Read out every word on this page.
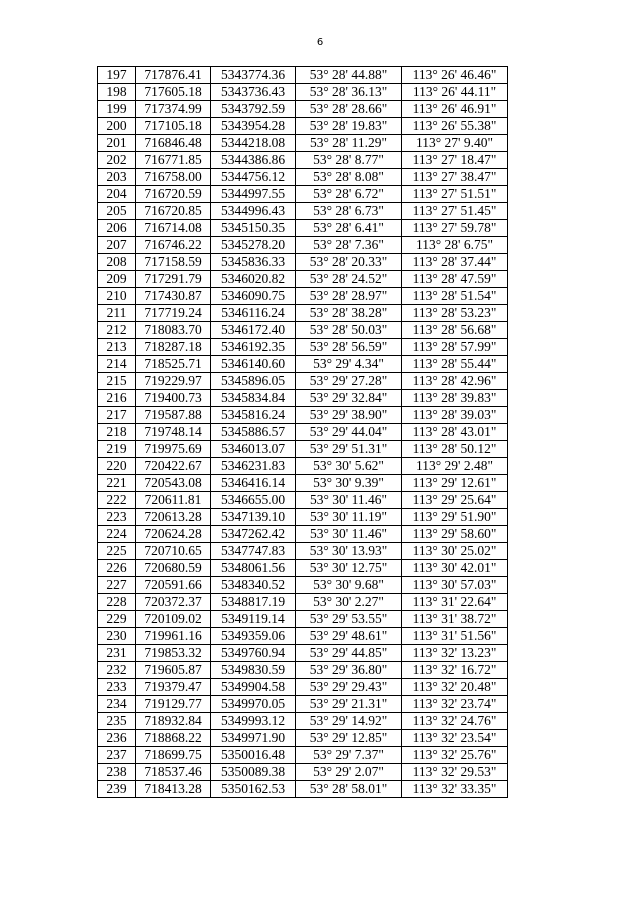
6
197	717876.41	5343774.36	53° 28' 44.88"	113° 26' 46.46"
198	717605.18	5343736.43	53° 28' 36.13"	113° 26' 44.11"
199	717374.99	5343792.59	53° 28' 28.66"	113° 26' 46.91"
200	717105.18	5343954.28	53° 28' 19.83"	113° 26' 55.38"
201	716846.48	5344218.08	53° 28' 11.29"	113° 27' 9.40"
202	716771.85	5344386.86	53° 28' 8.77"	113° 27' 18.47"
203	716758.00	5344756.12	53° 28' 8.08"	113° 27' 38.47"
204	716720.59	5344997.55	53° 28' 6.72"	113° 27' 51.51"
205	716720.85	5344996.43	53° 28' 6.73"	113° 27' 51.45"
206	716714.08	5345150.35	53° 28' 6.41"	113° 27' 59.78"
207	716746.22	5345278.20	53° 28' 7.36"	113° 28' 6.75"
208	717158.59	5345836.33	53° 28' 20.33"	113° 28' 37.44"
209	717291.79	5346020.82	53° 28' 24.52"	113° 28' 47.59"
210	717430.87	5346090.75	53° 28' 28.97"	113° 28' 51.54"
211	717719.24	5346116.24	53° 28' 38.28"	113° 28' 53.23"
212	718083.70	5346172.40	53° 28' 50.03"	113° 28' 56.68"
213	718287.18	5346192.35	53° 28' 56.59"	113° 28' 57.99"
214	718525.71	5346140.60	53° 29' 4.34"	113° 28' 55.44"
215	719229.97	5345896.05	53° 29' 27.28"	113° 28' 42.96"
216	719400.73	5345834.84	53° 29' 32.84"	113° 28' 39.83"
217	719587.88	5345816.24	53° 29' 38.90"	113° 28' 39.03"
218	719748.14	5345886.57	53° 29' 44.04"	113° 28' 43.01"
219	719975.69	5346013.07	53° 29' 51.31"	113° 28' 50.12"
220	720422.67	5346231.83	53° 30' 5.62"	113° 29' 2.48"
221	720543.08	5346416.14	53° 30' 9.39"	113° 29' 12.61"
222	720611.81	5346655.00	53° 30' 11.46"	113° 29' 25.64"
223	720613.28	5347139.10	53° 30' 11.19"	113° 29' 51.90"
224	720624.28	5347262.42	53° 30' 11.46"	113° 29' 58.60"
225	720710.65	5347747.83	53° 30' 13.93"	113° 30' 25.02"
226	720680.59	5348061.56	53° 30' 12.75"	113° 30' 42.01"
227	720591.66	5348340.52	53° 30' 9.68"	113° 30' 57.03"
228	720372.37	5348817.19	53° 30' 2.27"	113° 31' 22.64"
229	720109.02	5349119.14	53° 29' 53.55"	113° 31' 38.72"
230	719961.16	5349359.06	53° 29' 48.61"	113° 31' 51.56"
231	719853.32	5349760.94	53° 29' 44.85"	113° 32' 13.23"
232	719605.87	5349830.59	53° 29' 36.80"	113° 32' 16.72"
233	719379.47	5349904.58	53° 29' 29.43"	113° 32' 20.48"
234	719129.77	5349970.05	53° 29' 21.31"	113° 32' 23.74"
235	718932.84	5349993.12	53° 29' 14.92"	113° 32' 24.76"
236	718868.22	5349971.90	53° 29' 12.85"	113° 32' 23.54"
237	718699.75	5350016.48	53° 29' 7.37"	113° 32' 25.76"
238	718537.46	5350089.38	53° 29' 2.07"	113° 32' 29.53"
239	718413.28	5350162.53	53° 28' 58.01"	113° 32' 33.35"
